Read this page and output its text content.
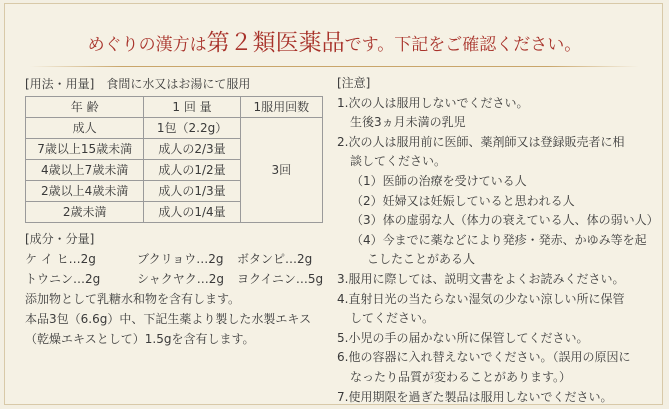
めぐりの漢方は第２類医薬品です。下記をご確認ください。
[用法・用量]　食間に水又はお湯にて服用
年 齢	1 回 量	1服用回数
成人	1包（2.2g）	3回
7歳以上15歳未満	成人の2/3量	
4歳以上7歳未満	成人の1/2量	
2歳以上4歳未満	成人の1/3量	
2歳未満	成人の1/4量	
[成分・分量]
ケ イ ヒ…2g	ブクリョウ…2g ボタンピ…2g
トウニン…2g	シャクヤク…2g ヨクイニン…5g
添加物として乳糖水和物を含有します。
本品3包（6.6g）中、下記生薬より製した水製エキス
（乾燥エキスとして）1.5gを含有します。
[注意]
1.次の人は服用しないでください。
生後3ヵ月未満の乳児
2.次の人は服用前に医師、薬剤師又は登録販売者に相
談してください。
（1）医師の治療を受けている人
（2）妊婦又は妊娠していると思われる人
（3）体の虚弱な人（体力の衰えている人、体の弱い人）
（4）今までに薬などにより発疹・発赤、かゆみ等を起
こしたことがある人
3.服用に際しては、説明文書をよくお読みください。
4.直射日光の当たらない湿気の少ない涼しい所に保管
してください。
5.小児の手の届かない所に保管してください。
6.他の容器に入れ替えないでください。（誤用の原因に
なったり品質が変わることがあります。）
7.使用期限を過ぎた製品は服用しないでください。
